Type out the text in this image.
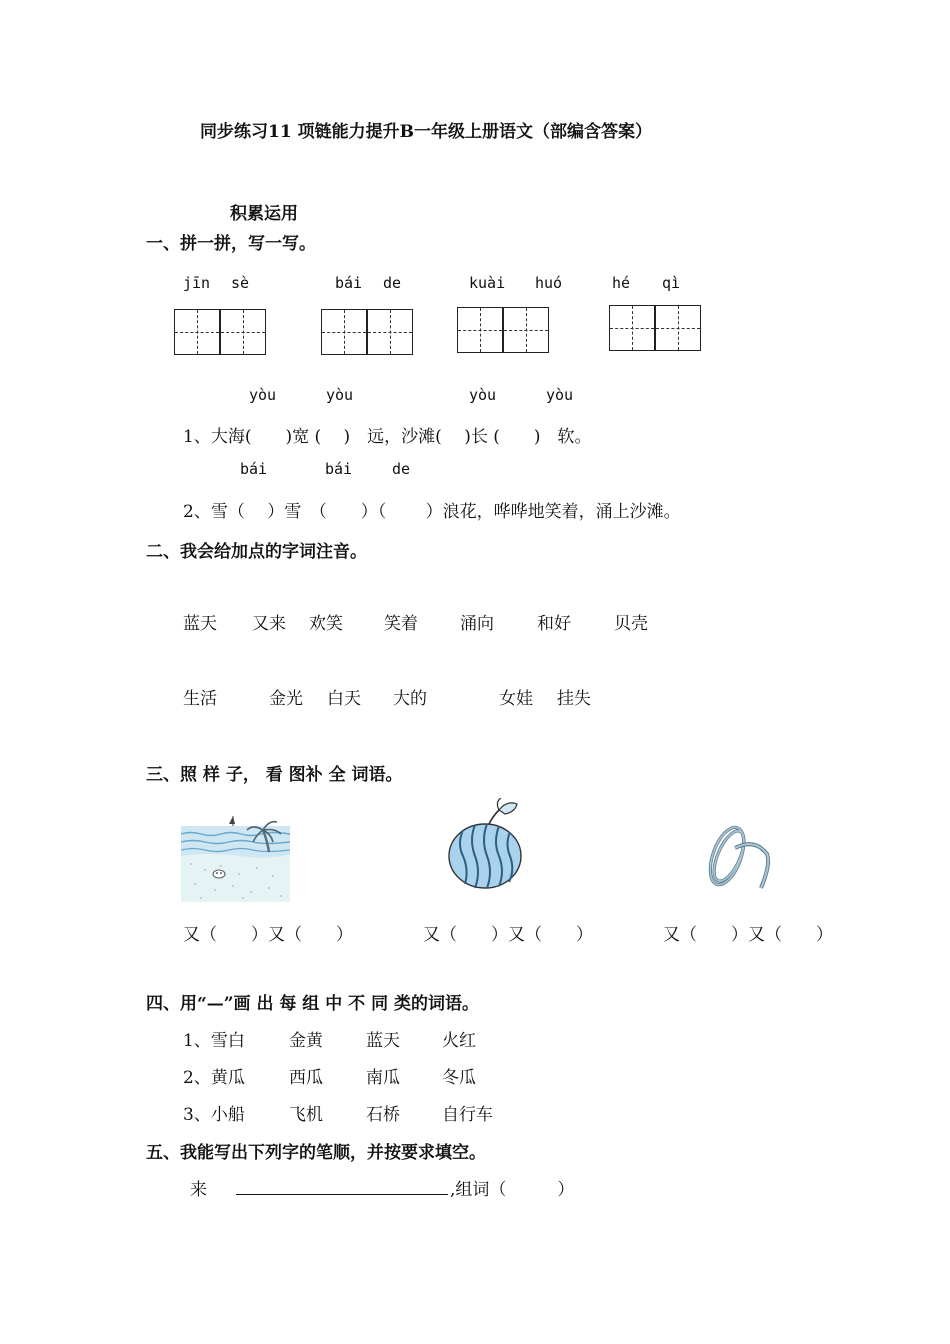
同步练习11 项链能力提升B一年级上册语文（部编含答案）
积累运用
一、拼一拼，写一写。
jīn sè	bái de	kuài huó	hé qì
yòu	yòu	yòu	yòu
1、大海(　　)宽 (　 )　远，沙滩(　 )长 (　　)　软。
bái	bái	de
2、雪（　 ）雪　（　　）（　　 ）浪花，哗哗地笑着，涌上沙滩。
二、我会给加点的字词注音。
蓝天 又来 欢笑 笑着 涌向	和好	贝壳
生活	金光 白天 大的	女娃 挂失
三、照 样 子， 看 图补 全 词语。
又（　　）又（　　）	又（　　）又（　　）	又（　　）又（　　）
四、用“—”画 出 每 组 中 不 同 类的词语。
1、雪白	金黄	蓝天 火红
2、黄瓜	西瓜	南瓜 冬瓜
3、小船	飞机	石桥 自行车
五、我能写出下列字的笔顺，并按要求填空。
来	,组词（　　　）
